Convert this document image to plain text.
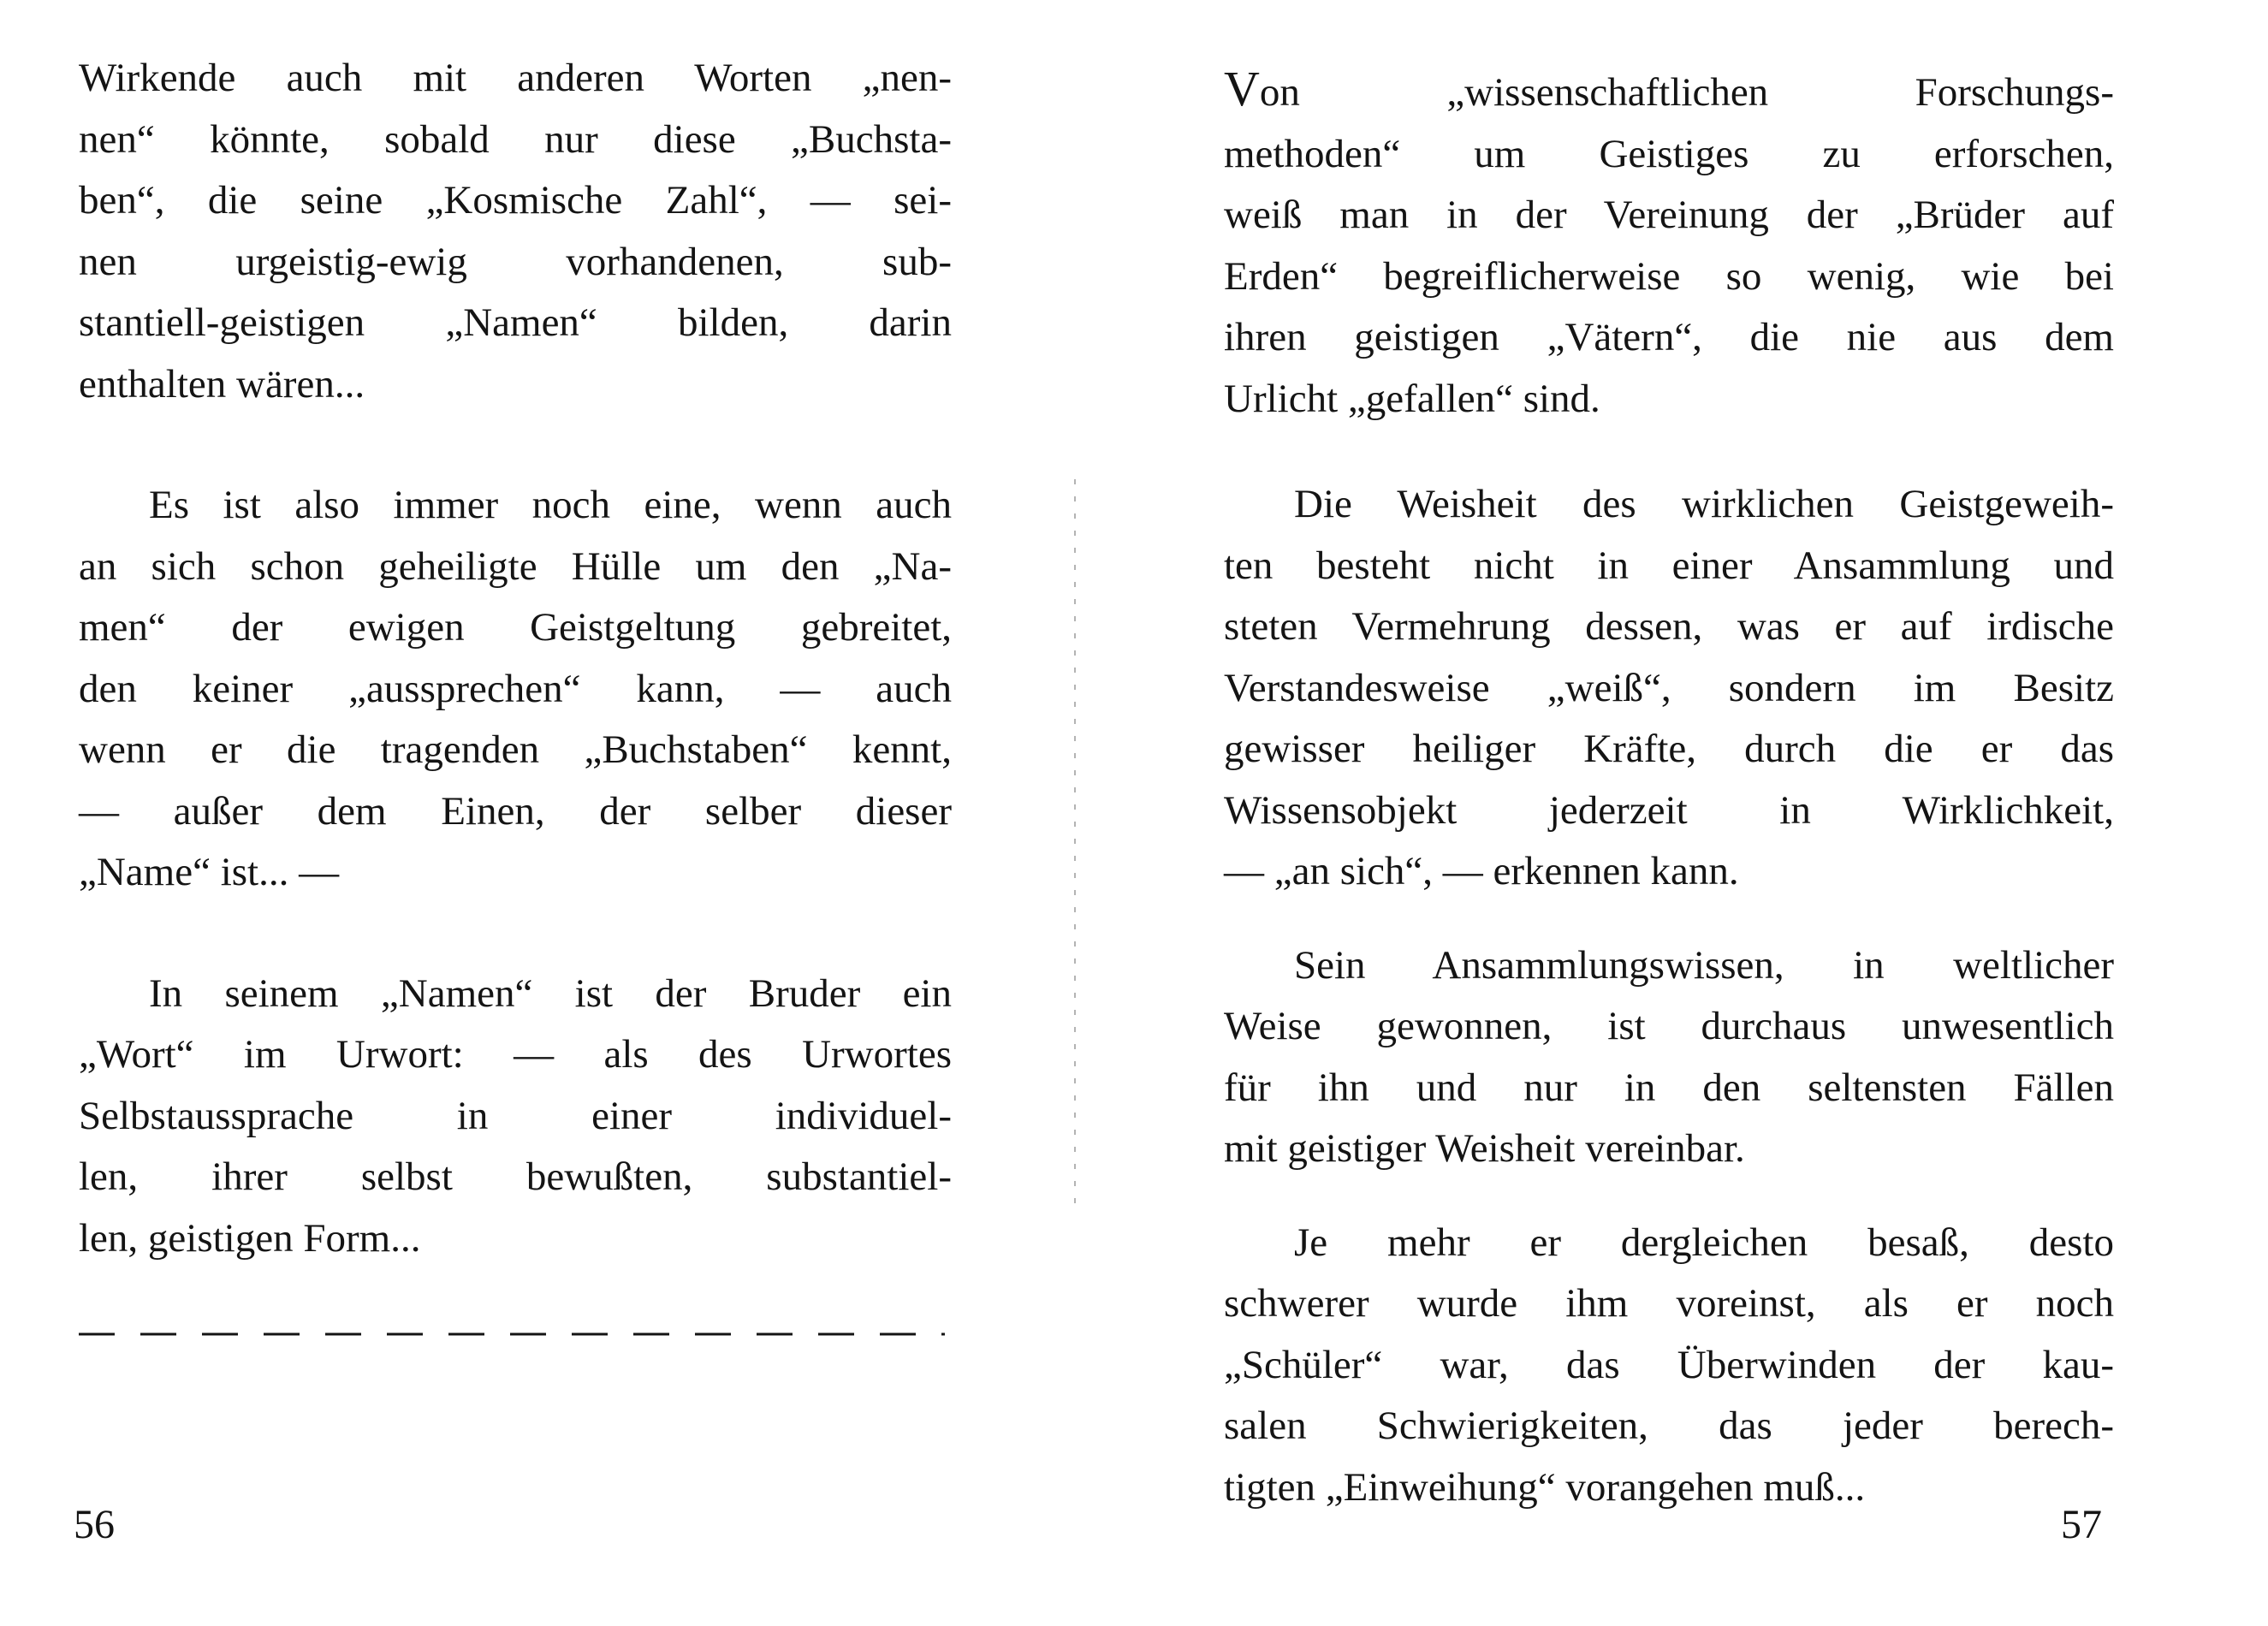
Wirkende auch mit anderen Worten „nen-
nen“ könnte, sobald nur diese „Buchsta-
ben“, die seine „Kosmische Zahl“, — sei-
nen urgeistig-ewig vorhandenen, sub-
stantiell-geistigen „Namen“ bilden, darin
enthalten wären...
Es ist also immer noch eine, wenn auch
an sich schon geheiligte Hülle um den „Na-
men“ der ewigen Geistgeltung gebreitet,
den keiner „aussprechen“ kann, — auch
wenn er die tragenden „Buchstaben“ kennt,
— außer dem Einen, der selber dieser
„Name“ ist... —
In seinem „Namen“ ist der Bruder ein
„Wort“ im Urwort: — als des Urwortes
Selbstaussprache in einer individuel-
len, ihrer selbst bewußten, substantiel-
len, geistigen Form...
56
Von „wissenschaftlichen Forschungs-
methoden“ um Geistiges zu erforschen,
weiß man in der Vereinung der „Brüder auf
Erden“ begreiflicherweise so wenig, wie bei
ihren geistigen „Vätern“, die nie aus dem
Urlicht „gefallen“ sind.
Die Weisheit des wirklichen Geistgeweih-
ten besteht nicht in einer Ansammlung und
steten Vermehrung dessen, was er auf irdische
Verstandesweise „weiß“, sondern im Besitz
gewisser heiliger Kräfte, durch die er das
Wissensobjekt jederzeit in Wirklichkeit,
— „an sich“, — erkennen kann.
Sein Ansammlungswissen, in weltlicher
Weise gewonnen, ist durchaus unwesentlich
für ihn und nur in den seltensten Fällen
mit geistiger Weisheit vereinbar.
Je mehr er dergleichen besaß, desto
schwerer wurde ihm voreinst, als er noch
„Schüler“ war, das Überwinden der kau-
salen Schwierigkeiten, das jeder berech-
tigten „Einweihung“ vorangehen muß...
57
